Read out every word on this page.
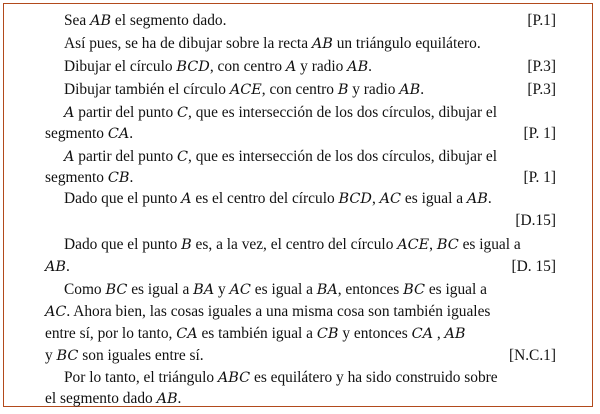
Sea AB el segmento dado.	[P.1]
Así pues, se ha de dibujar sobre la recta AB un triángulo equilátero.
Dibujar el círculo BCD, con centro A y radio AB.	[P.3]
Dibujar también el círculo ACE, con centro B y radio AB.	[P.3]
A partir del punto C, que es intersección de los dos círculos, dibujar el
segmento CA.	[P. 1]
A partir del punto C, que es intersección de los dos círculos, dibujar el
segmento CB.	[P. 1]
Dado que el punto A es el centro del círculo BCD, AC es igual a AB.
[D.15]
Dado que el punto B es, a la vez, el centro del círculo ACE, BC es igual a
AB.	[D. 15]
Como BC es igual a BA y AC es igual a BA, entonces BC es igual a
AC. Ahora bien, las cosas iguales a una misma cosa son también iguales
entre sí, por lo tanto, CA es también igual a CB y entonces CA , AB
y BC son iguales entre sí.	[N.C.1]
Por lo tanto, el triángulo ABC es equilátero y ha sido construido sobre
el segmento dado AB.
